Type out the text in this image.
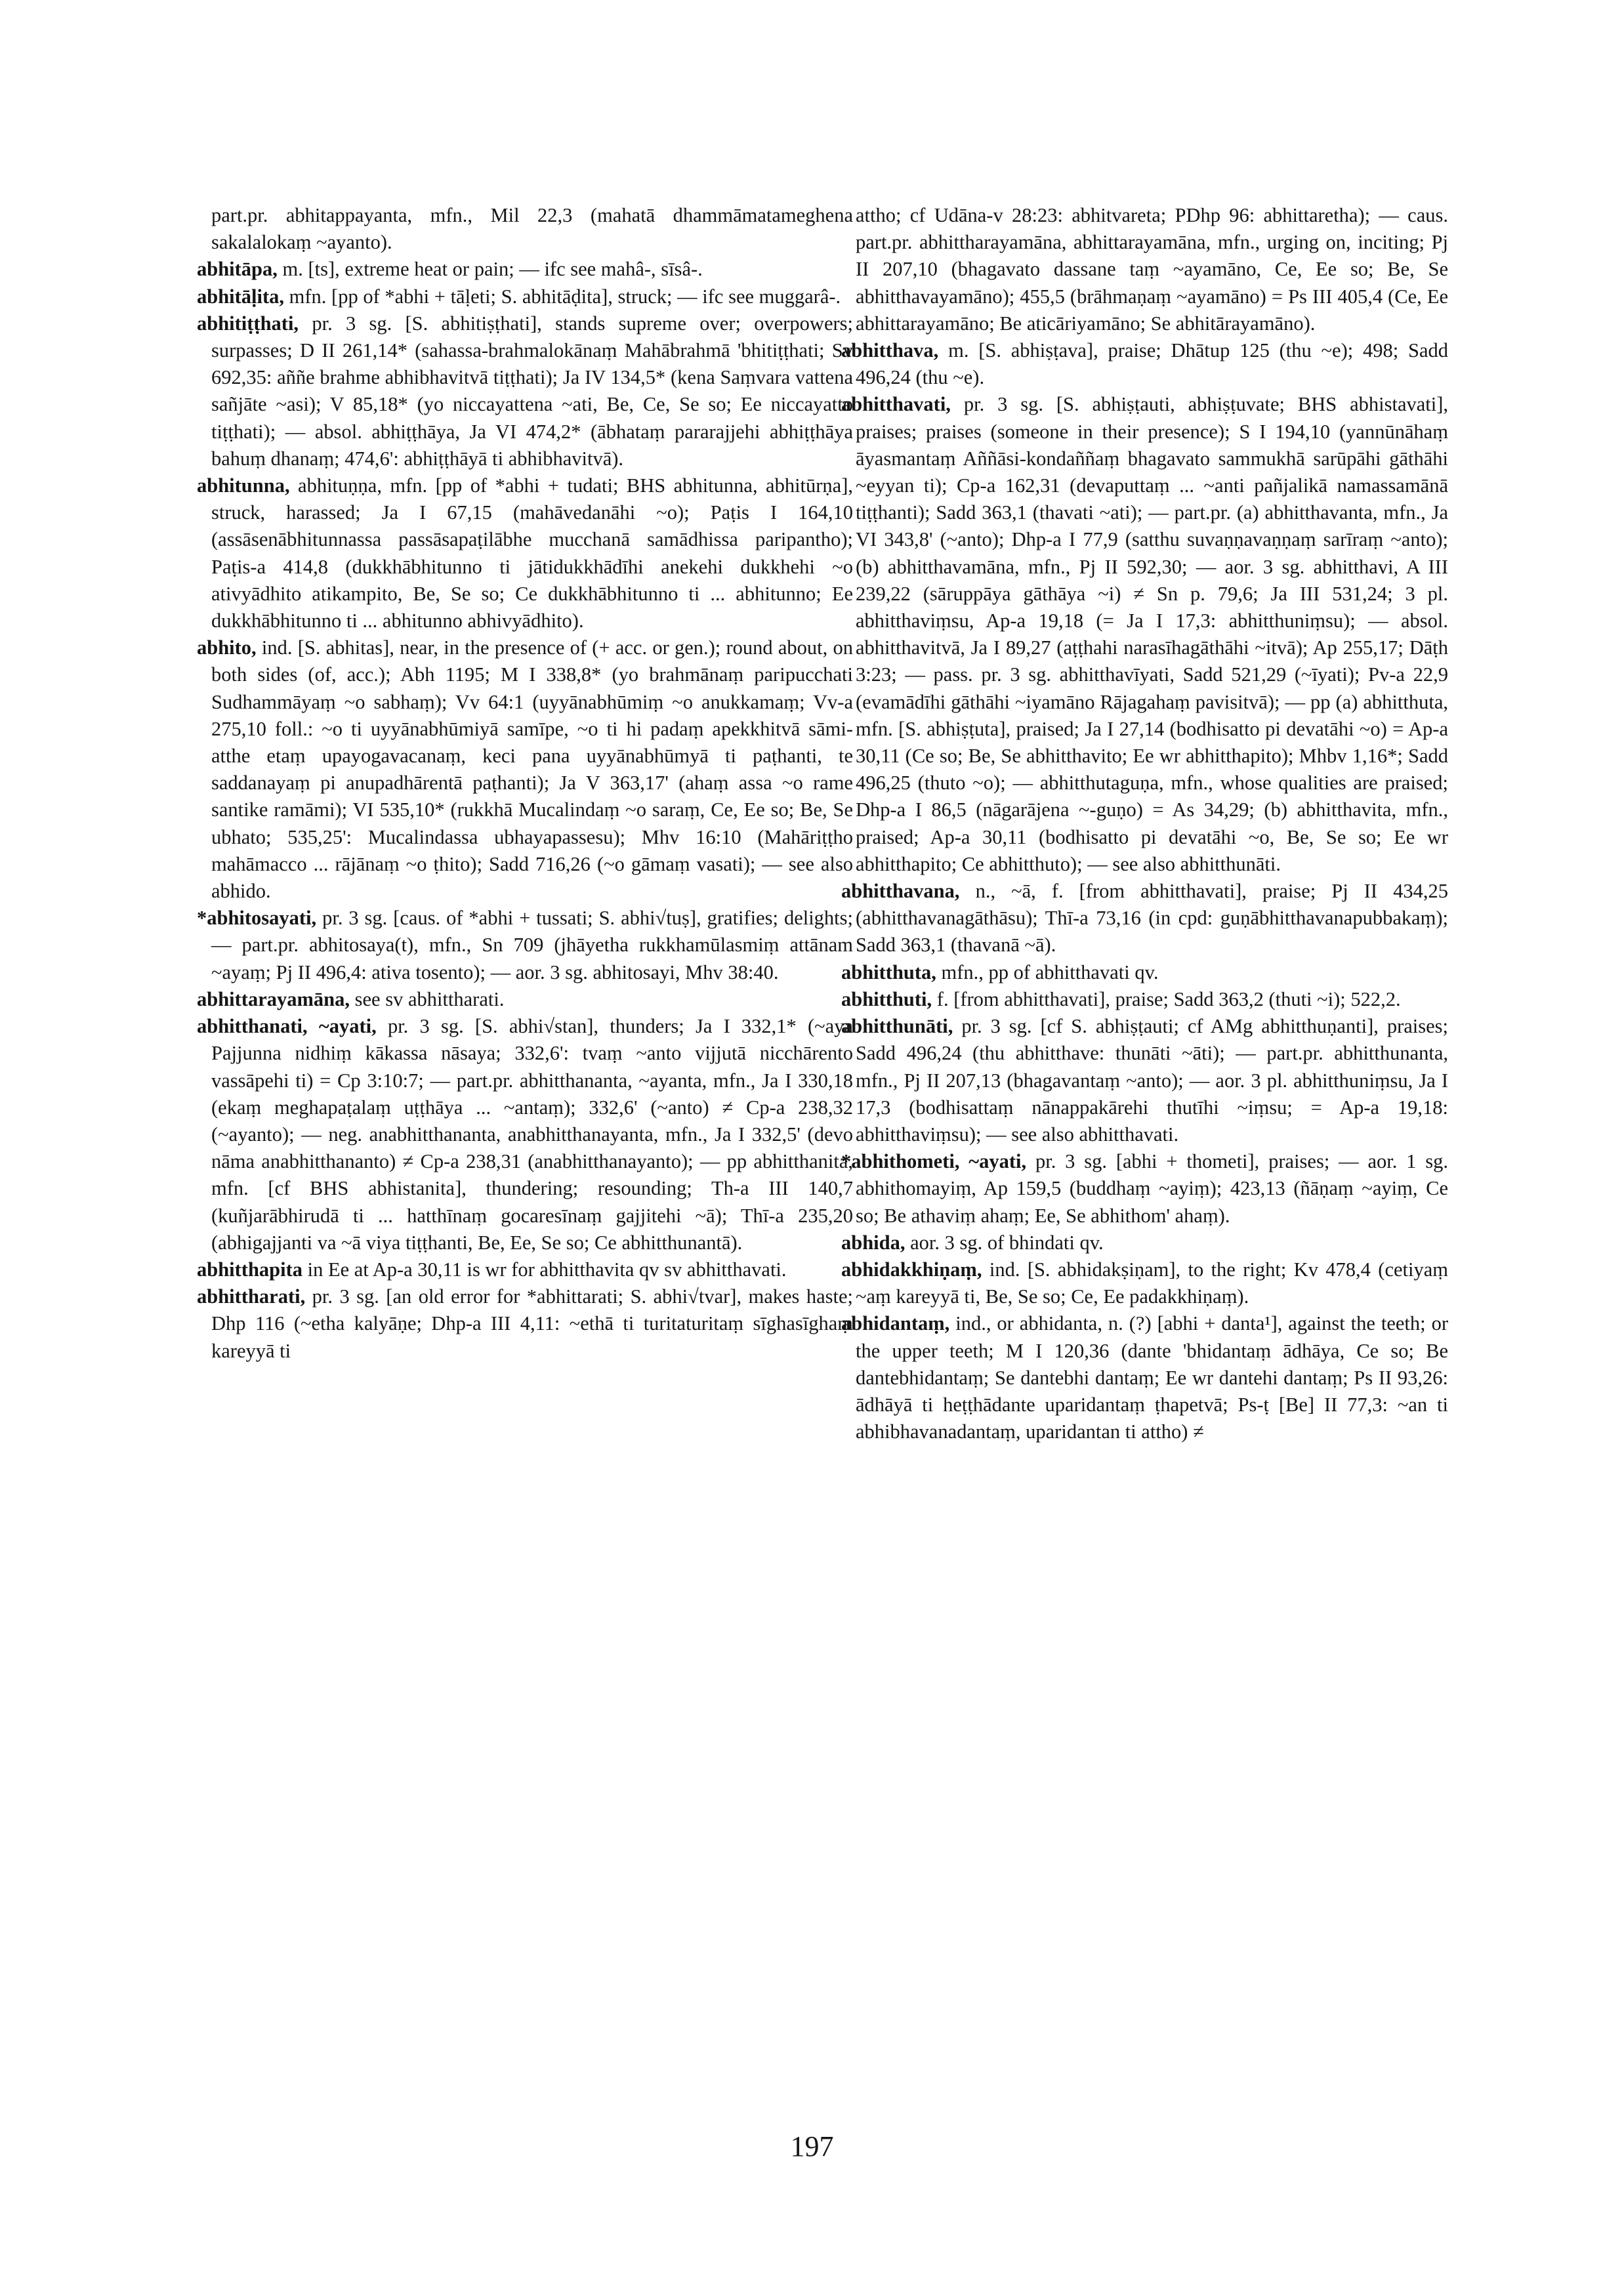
part.pr. abhitappayanta, mfn., Mil 22,3 (mahatā dhammāmatameghena sakalalokaṃ ~ayanto).

abhitāpa, m. [ts], extreme heat or pain; — ifc see mahâ-, sīsâ-.

abhitāḷita, mfn. [pp of *abhi + tāḷeti; S. abhitāḍita], struck; — ifc see muggarâ-.

abhitiṭṭhati, pr. 3 sg. [S. abhitiṣṭhati], stands supreme over; overpowers; surpasses; D II 261,14* (sahassa-brahmalokānaṃ Mahābrahmā 'bhitiṭṭhati; Sv 692,35: aññe brahme abhibhavitvā tiṭṭhati); Ja IV 134,5* (kena Saṃvara vattena sañjāte ~asi); V 85,18* (yo niccayattena ~ati, Be, Ce, Se so; Ee niccayatto tiṭṭhati); — absol. abhiṭṭhāya, Ja VI 474,2* (ābhataṃ pararajjehi abhiṭṭhāya bahuṃ dhanaṃ; 474,6': abhiṭṭhāyā ti abhibhavitvā).

abhitunna, abhituṇṇa, mfn. [pp of *abhi + tudati; BHS abhitunna, abhitūrṇa], struck, harassed; Ja I 67,15 (mahāvedanāhi ~o); Paṭis I 164,10 (assāsenābhitunnassa passāsapaṭilābhe mucchanā samādhissa paripantho); Paṭis-a 414,8 (dukkhābhitunno ti jātidukkhādīhi anekehi dukkhehi ~o ativyādhito atikampito, Be, Se so; Ce dukkhābhitunno ti ... abhitunno; Ee dukkhābhitunno ti ... abhitunno abhivyādhito).

abhito, ind. [S. abhitas], near, in the presence of (+ acc. or gen.); round about, on both sides (of, acc.); Abh 1195; M I 338,8* (yo brahmānaṃ paripucchati Sudhammāyaṃ ~o sabhaṃ); Vv 64:1 (uyyānabhūmiṃ ~o anukkamaṃ; Vv-a 275,10 foll.: ~o ti uyyānabhūmiyā samīpe, ~o ti hi padaṃ apekkhitvā sāmi-atthe etaṃ upayogavacanaṃ, keci pana uyyānabhūmyā ti paṭhanti, te saddanayaṃ pi anupadhārentā paṭhanti); Ja V 363,17' (ahaṃ assa ~o rame santike ramāmi); VI 535,10* (rukkhā Mucalindaṃ ~o saraṃ, Ce, Ee so; Be, Se ubhato; 535,25': Mucalindassa ubhayapassesu); Mhv 16:10 (Mahāriṭṭho mahāmacco ... rājānaṃ ~o ṭhito); Sadd 716,26 (~o gāmaṃ vasati); — see also abhido.

* abhitosayati, pr. 3 sg. [caus. of *abhi + tussati; S. abhi√tuṣ], gratifies; delights; — part.pr. abhitosaya(t), mfn., Sn 709 (jhāyetha rukkhamūlasmiṃ attānam ~ayaṃ; Pj II 496,4: ativa tosento); — aor. 3 sg. abhitosayi, Mhv 38:40.

abhittarayamāna, see sv abhittharati.

abhitthanati, ~ayati, pr. 3 sg. [S. abhi√stan], thunders; Ja I 332,1* (~aya Pajjunna nidhiṃ kākassa nāsaya; 332,6': tvaṃ ~anto vijjutā nicchārento vassāpehi ti) = Cp 3:10:7; — part.pr. abhitthananta, ~ayanta, mfn., Ja I 330,18 (ekaṃ meghapaṭalaṃ uṭṭhāya ... ~antaṃ); 332,6' (~anto) ≠ Cp-a 238,32 (~ayanto); — neg. anabhitthananta, anabhitthanayanta, mfn., Ja I 332,5' (devo nāma anabhitthananto) ≠ Cp-a 238,31 (anabhitthanayanto); — pp abhitthanita, mfn. [cf BHS abhistanita], thundering; resounding; Th-a III 140,7 (kuñjarābhirudā ti ... hatthīnaṃ gocaresīnaṃ gajjitehi ~ā); Thī-a 235,20 (abhigajjanti va ~ā viya tiṭṭhanti, Be, Ee, Se so; Ce abhitthunantā).

abhitthapita in Ee at Ap-a 30,11 is wr for abhitthavita qv sv abhitthavati.

abhittharati, pr. 3 sg. [an old error for *abhittarati; S. abhi√tvar], makes haste; Dhp 116 (~etha kalyāṇe; Dhp-a III 4,11: ~ethā ti turitaturitaṃ sīghasīghaṃ kareyyā ti

attho; cf Udāna-v 28:23: abhitvareta; PDhp 96: abhittaretha); — caus. part.pr. abhittharayamāna, abhittarayamāna, mfn., urging on, inciting; Pj II 207,10 (bhagavato dassane taṃ ~ayamāno, Ce, Ee so; Be, Se abhitthavayamāno); 455,5 (brāhmaṇaṃ ~ayamāno) = Ps III 405,4 (Ce, Ee abhittarayamāno; Be aticāriyamāno; Se abhitārayamāno).

abhitthava, m. [S. abhiṣṭava], praise; Dhātup 125 (thu ~e); 498; Sadd 496,24 (thu ~e).

abhitthavati, pr. 3 sg. [S. abhiṣṭauti, abhiṣṭuvate; BHS abhistavati], praises; praises (someone in their presence); S I 194,10 (yannūnāhaṃ āyasmantaṃ Aññāsi-kondaññaṃ bhagavato sammukhā sarūpāhi gāthāhi ~eyyan ti); Cp-a 162,31 (devaputtaṃ ... ~anti pañjalikā namassamānā tiṭṭhanti); Sadd 363,1 (thavati ~ati); — part.pr. (a) abhitthavanta, mfn., Ja VI 343,8' (~anto); Dhp-a I 77,9 (satthu suvaṇṇavaṇṇaṃ sarīraṃ ~anto); (b) abhitthavamāna, mfn., Pj II 592,30; — aor. 3 sg. abhitthavi, A III 239,22 (sāruppāya gāthāya ~i) ≠ Sn p. 79,6; Ja III 531,24; 3 pl. abhitthaviṃsu, Ap-a 19,18 (= Ja I 17,3: abhitthuniṃsu); — absol. abhitthavitvā, Ja I 89,27 (aṭṭhahi narasīhagāthāhi ~itvā); Ap 255,17; Dāṭh 3:23; — pass. pr. 3 sg. abhitthavīyati, Sadd 521,29 (~īyati); Pv-a 22,9 (evamādīhi gāthāhi ~iyamāno Rājagahaṃ pavisitvā); — pp (a) abhitthuta, mfn. [S. abhiṣṭuta], praised; Ja I 27,14 (bodhisatto pi devatāhi ~o) = Ap-a 30,11 (Ce so; Be, Se abhitthavito; Ee wr abhitthapito); Mhbv 1,16*; Sadd 496,25 (thuto ~o); — abhitthutaguṇa, mfn., whose qualities are praised; Dhp-a I 86,5 (nāgarājena ~-guṇo) = As 34,29; (b) abhitthavita, mfn., praised; Ap-a 30,11 (bodhisatto pi devatāhi ~o, Be, Se so; Ee wr abhitthapito; Ce abhitthuto); — see also abhitthunāti.

abhitthavana, n., ~ā, f. [from abhitthavati], praise; Pj II 434,25 (abhitthavanagāthāsu); Thī-a 73,16 (in cpd: guṇābhitthavanapubbakaṃ); Sadd 363,1 (thavanā ~ā).

abhitthuta, mfn., pp of abhitthavati qv.

abhitthuti, f. [from abhitthavati], praise; Sadd 363,2 (thuti ~i); 522,2.

abhitthunāti, pr. 3 sg. [cf S. abhiṣṭauti; cf AMg abhitthuṇanti], praises; Sadd 496,24 (thu abhitthave: thunāti ~āti); — part.pr. abhitthunanta, mfn., Pj II 207,13 (bhagavantaṃ ~anto); — aor. 3 pl. abhitthuniṃsu, Ja I 17,3 (bodhisattaṃ nānappakārehi thutīhi ~iṃsu; = Ap-a 19,18: abhitthaviṃsu); — see also abhitthavati.

* abhithometi, ~ayati, pr. 3 sg. [abhi + thometi], praises; — aor. 1 sg. abhithomayiṃ, Ap 159,5 (buddhaṃ ~ayiṃ); 423,13 (ñāṇaṃ ~ayiṃ, Ce so; Be athaviṃ ahaṃ; Ee, Se abhithom' ahaṃ).

abhida, aor. 3 sg. of bhindati qv.

abhidakkhiṇaṃ, ind. [S. abhidakṣiṇam], to the right; Kv 478,4 (cetiyaṃ ~aṃ kareyyā ti, Be, Se so; Ce, Ee padakkhiṇaṃ).

abhidantaṃ, ind., or abhidanta, n. (?) [abhi + danta¹], against the teeth; or the upper teeth; M I 120,36 (dante 'bhidantaṃ ādhāya, Ce so; Be dantebhidantaṃ; Se dantebhi dantaṃ; Ee wr dantehi dantaṃ; Ps II 93,26: ādhāyā ti heṭṭhādante uparidantaṃ ṭhapetvā; Ps-ṭ [Be] II 77,3: ~an ti abhibhavanadantaṃ, uparidantan ti attho) ≠

197
